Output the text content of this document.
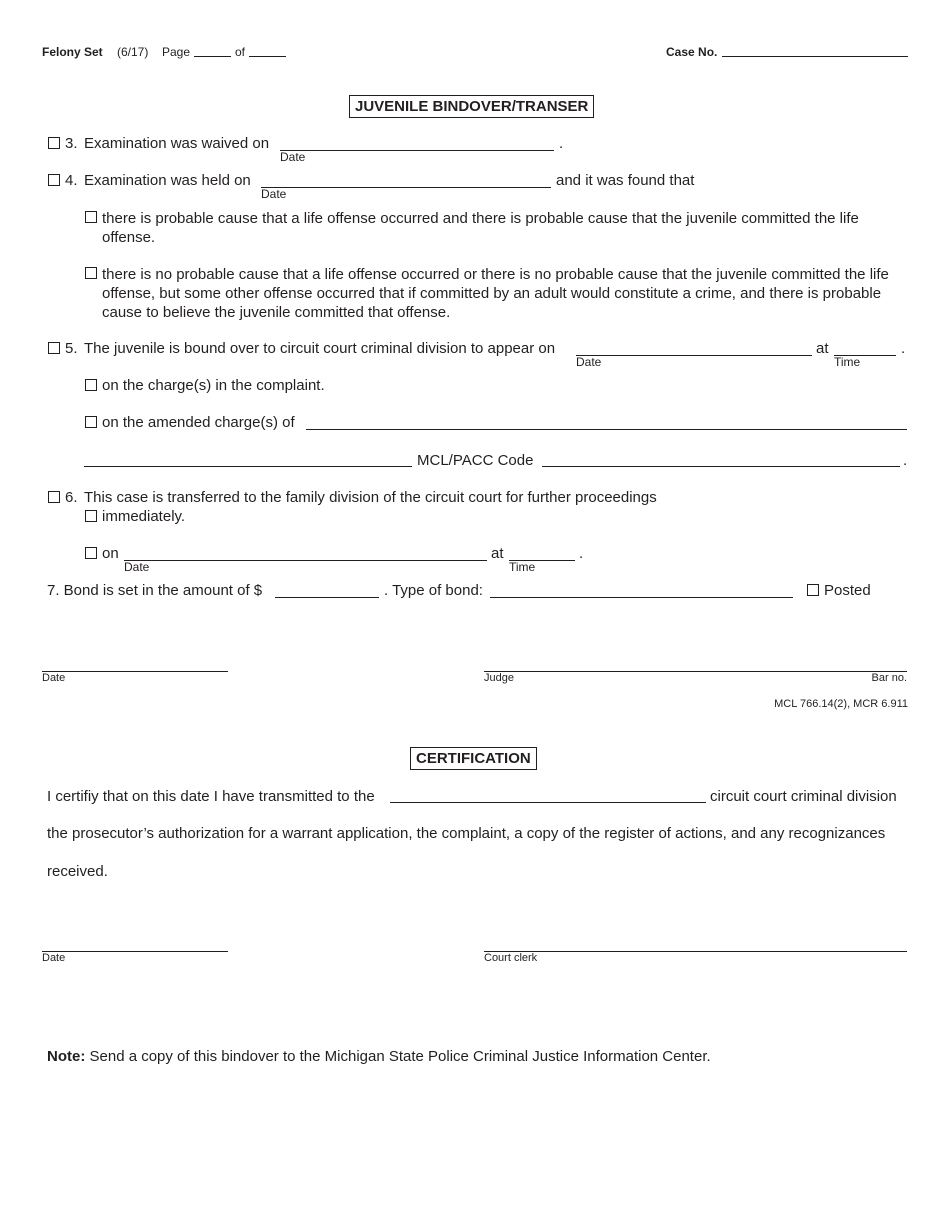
Felony Set (6/17) Page	of	Case No.
JUVENILE BINDOVER/TRANSER
3. Examination was waived on
Date
.
4. Examination was held on
Date
and it was found that
there is probable cause that a life offense occurred and there is probable cause that the juvenile committed the life offense.
there is no probable cause that a life offense occurred or there is no probable cause that the juvenile committed the life offense, but some other offense occurred that if committed by an adult would constitute a crime, and there is probable cause to believe the juvenile committed that offense.
5. The juvenile is bound over to circuit court criminal division to appear on
Date
at
Time
.
on the charge(s) in the complaint.
on the amended charge(s) of
MCL/PACC Code	.
6. This case is transferred to the family division of the circuit court for further proceedings
immediately.
on
Date
at
Time
.
7. Bond is set in the amount of $	. Type of bond:	Posted
Date	Judge	Bar no.
MCL 766.14(2), MCR 6.911
CERTIFICATION
I certifiy that on this date I have transmitted to the	circuit court criminal division
the prosecutor’s authorization for a warrant application, the complaint, a copy of the register of actions, and any recognizances
received.
Date	Court clerk
Note: Send a copy of this bindover to the Michigan State Police Criminal Justice Information Center.
